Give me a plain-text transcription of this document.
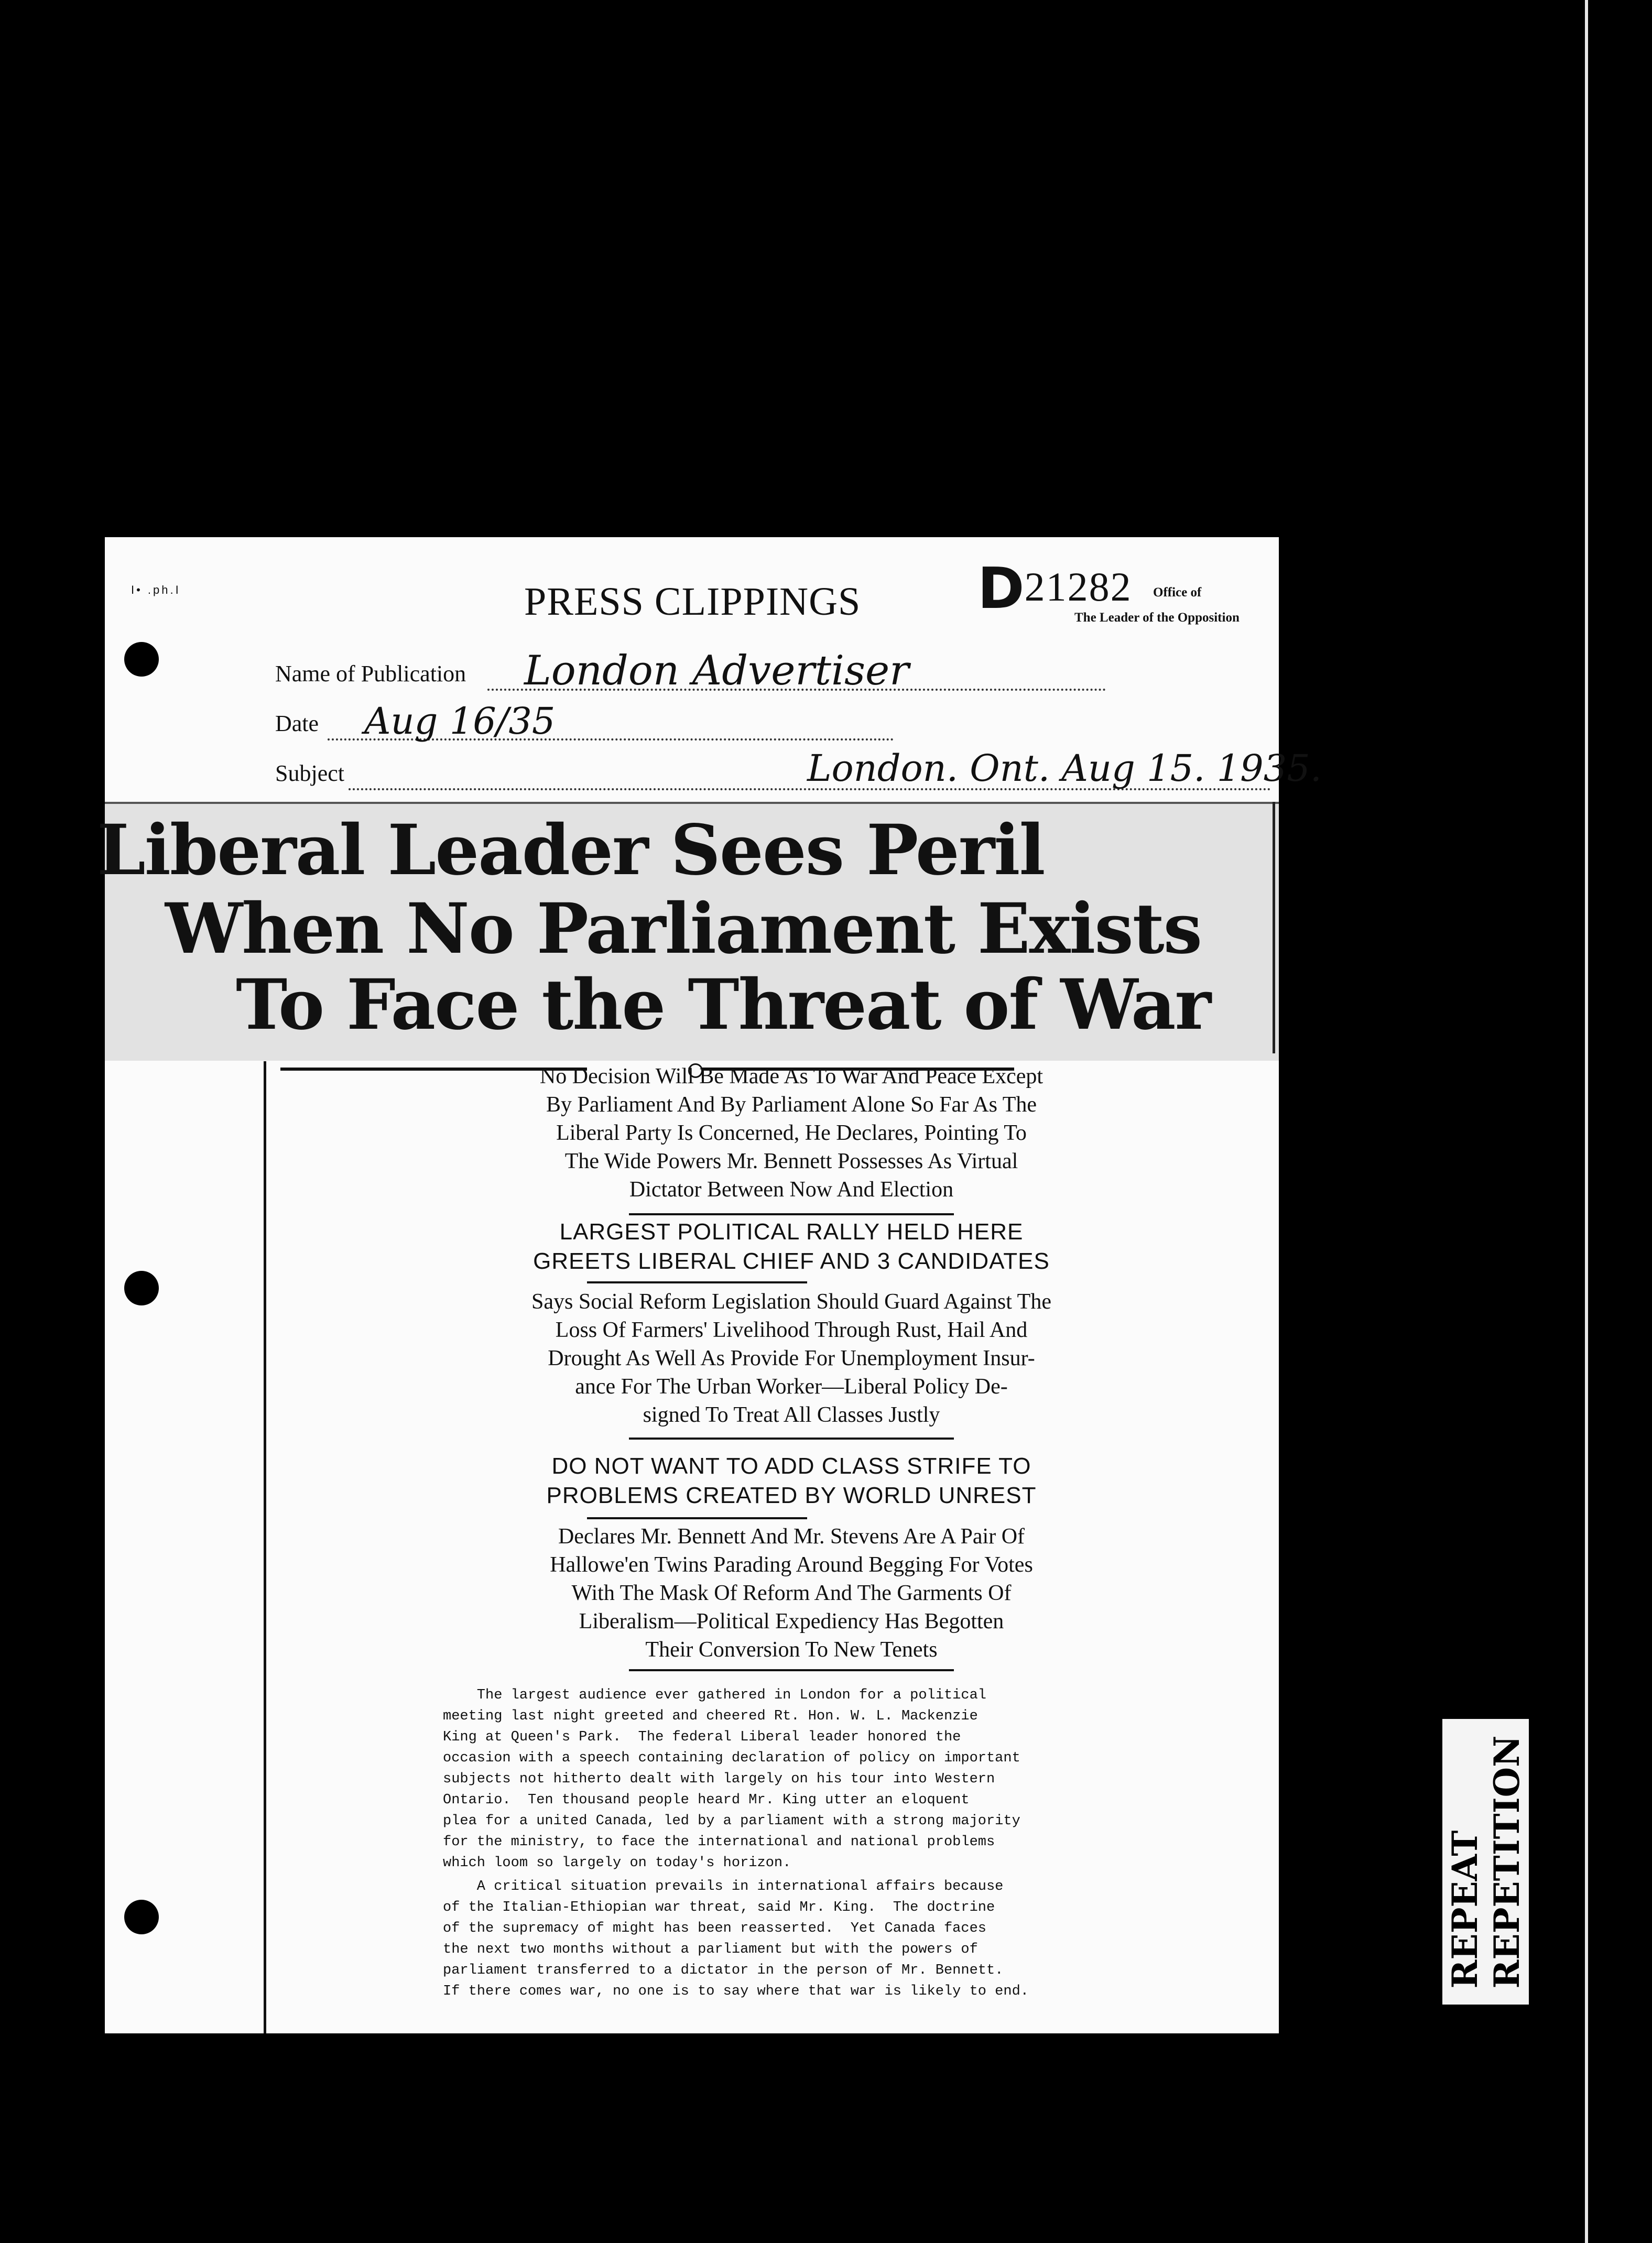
I• .ph.I	PRESS CLIPPINGS D21282 Office of
The Leader of the Opposition
Name of Publication London Advertiser
Date Aug 16/35
Subject	London. Ont. Aug 15. 1935.
Liberal Leader Sees Peril
When No Parliament Exists
To Face the Threat of War
No Decision Will Be Made As To War And Peace Except
By Parliament And By Parliament Alone So Far As The
Liberal Party Is Concerned, He Declares, Pointing To
The Wide Powers Mr. Bennett Possesses As Virtual
Dictator Between Now And Election
LARGEST POLITICAL RALLY HELD HERE
GREETS LIBERAL CHIEF AND 3 CANDIDATES
Says Social Reform Legislation Should Guard Against The
Loss Of Farmers' Livelihood Through Rust, Hail And
Drought As Well As Provide For Unemployment Insur-
ance For The Urban Worker—Liberal Policy De-
signed To Treat All Classes Justly
DO NOT WANT TO ADD CLASS STRIFE TO
PROBLEMS CREATED BY WORLD UNREST
Declares Mr. Bennett And Mr. Stevens Are A Pair Of
Hallowe'en Twins Parading Around Begging For Votes
With The Mask Of Reform And The Garments Of
Liberalism—Political Expediency Has Begotten
Their Conversion To New Tenets
The largest audience ever gathered in London for a political
meeting last night greeted and cheered Rt. Hon. W. L. Mackenzie
King at Queen's Park.  The federal Liberal leader honored the
occasion with a speech containing declaration of policy on important
subjects not hitherto dealt with largely on his tour into Western
Ontario.  Ten thousand people heard Mr. King utter an eloquent
plea for a united Canada, led by a parliament with a strong majority
for the ministry, to face the international and national problems
which loom so largely on today's horizon.
A critical situation prevails in international affairs because
of the Italian-Ethiopian war threat, said Mr. King.  The doctrine
of the supremacy of might has been reasserted.  Yet Canada faces
the next two months without a parliament but with the powers of
parliament transferred to a dictator in the person of Mr. Bennett.
If there comes war, no one is to say where that war is likely to end.
REPEAT REPETITION
